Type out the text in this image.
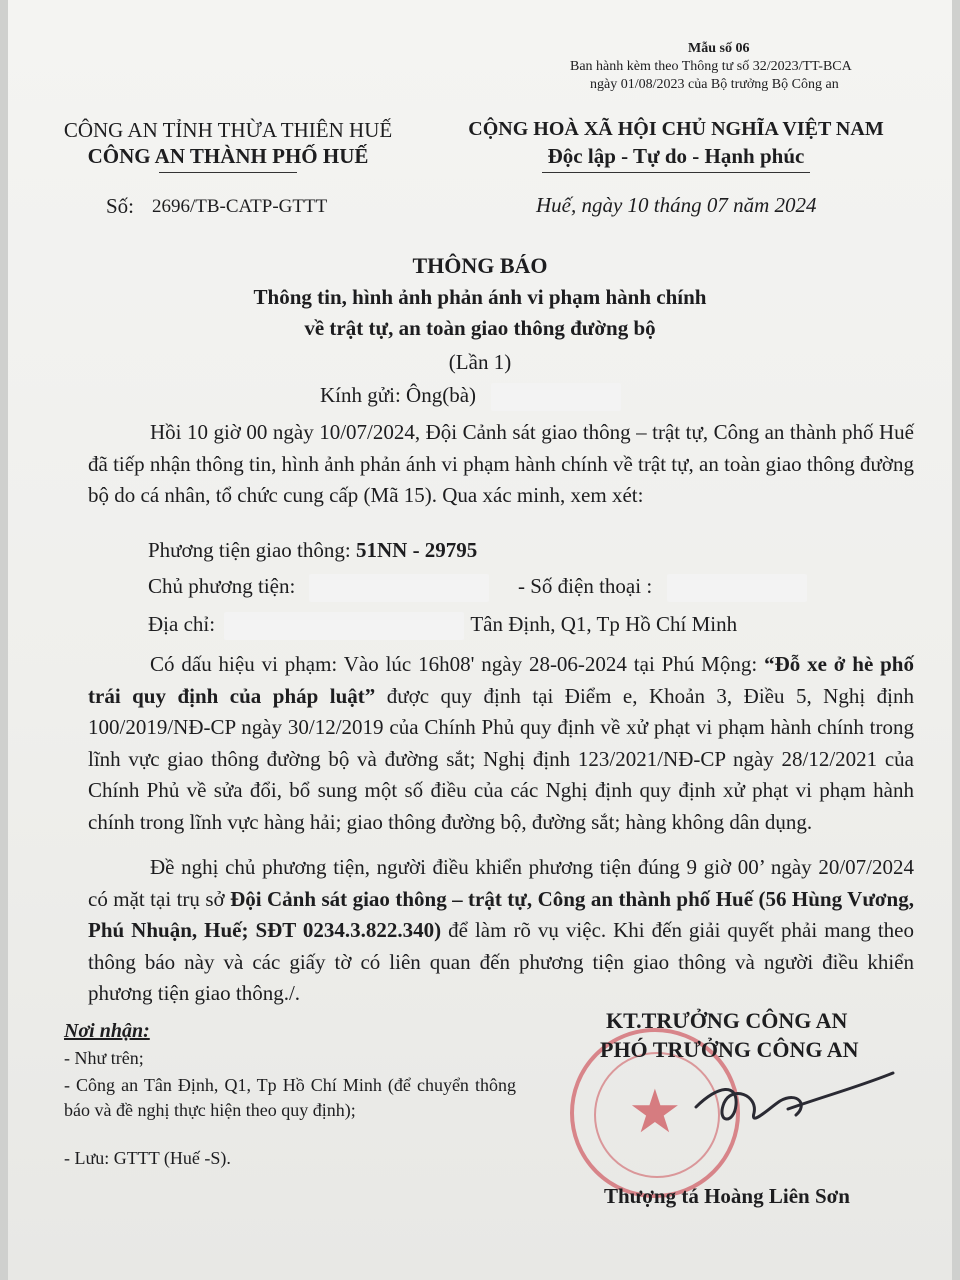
Mẫu số 06
Ban hành kèm theo Thông tư số 32/2023/TT-BCA
ngày 01/08/2023 của Bộ trưởng Bộ Công an
CÔNG AN TỈNH THỪA THIÊN HUẾ
CÔNG AN THÀNH PHỐ HUẾ
Số: 2696/TB-CATP-GTTT
CỘNG HOÀ XÃ HỘI CHỦ NGHĨA VIỆT NAM
Độc lập - Tự do - Hạnh phúc
Huế, ngày 10 tháng 07 năm 2024
THÔNG BÁO
Thông tin, hình ảnh phản ánh vi phạm hành chính
về trật tự, an toàn giao thông đường bộ
(Lần 1)
Kính gửi: Ông(bà)
Hồi 10 giờ 00 ngày 10/07/2024, Đội Cảnh sát giao thông – trật tự, Công an thành phố Huế đã tiếp nhận thông tin, hình ảnh phản ánh vi phạm hành chính về trật tự, an toàn giao thông đường bộ do cá nhân, tổ chức cung cấp (Mã 15). Qua xác minh, xem xét:
Phương tiện giao thông: 51NN - 29795
Chủ phương tiện:	- Số điện thoại :
Địa chỉ:	Tân Định, Q1, Tp Hồ Chí Minh
Có dấu hiệu vi phạm: Vào lúc 16h08' ngày 28-06-2024 tại Phú Mộng: “Đỗ xe ở hè phố trái quy định của pháp luật” được quy định tại Điểm e, Khoản 3, Điều 5, Nghị định 100/2019/NĐ-CP ngày 30/12/2019 của Chính Phủ quy định về xử phạt vi phạm hành chính trong lĩnh vực giao thông đường bộ và đường sắt; Nghị định 123/2021/NĐ-CP ngày 28/12/2021 của Chính Phủ về sửa đổi, bổ sung một số điều của các Nghị định quy định xử phạt vi phạm hành chính trong lĩnh vực hàng hải; giao thông đường bộ, đường sắt; hàng không dân dụng.
Đề nghị chủ phương tiện, người điều khiển phương tiện đúng 9 giờ 00’ ngày 20/07/2024 có mặt tại trụ sở Đội Cảnh sát giao thông – trật tự, Công an thành phố Huế (56 Hùng Vương, Phú Nhuận, Huế; SĐT 0234.3.822.340) để làm rõ vụ việc. Khi đến giải quyết phải mang theo thông báo này và các giấy tờ có liên quan đến phương tiện giao thông và người điều khiển phương tiện giao thông./.
Nơi nhận:
- Như trên;
- Công an Tân Định, Q1, Tp Hồ Chí Minh (để chuyển thông báo và đề nghị thực hiện theo quy định);
- Lưu: GTTT (Huế -S).
★
KT.TRƯỞNG CÔNG AN
PHÓ TRƯỞNG CÔNG AN
Thượng tá Hoàng Liên Sơn
